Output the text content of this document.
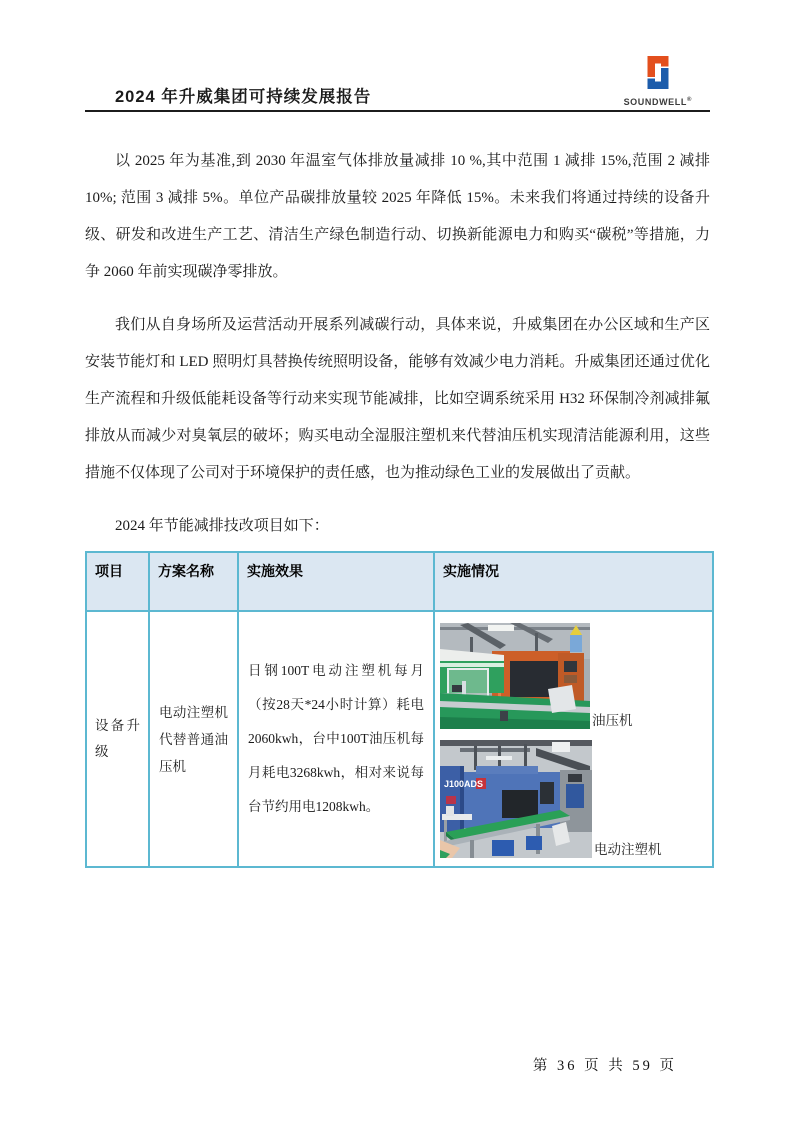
2024 年升威集团可持续发展报告	SOUNDWELL®

以 2025 年为基准,到 2030 年温室气体排放量减排 10 %,其中范围 1 减排 15%,范围 2 减排 10%; 范围 3 减排 5%。单位产品碳排放量较 2025 年降低 15%。未来我们将通过持续的设备升级、研发和改进生产工艺、清洁生产绿色制造行动、切换新能源电力和购买“碳税”等措施，力争 2060 年前实现碳净零排放。

我们从自身场所及运营活动开展系列减碳行动，具体来说，升威集团在办公区域和生产区安装节能灯和 LED 照明灯具替换传统照明设备，能够有效减少电力消耗。升威集团还通过优化生产流程和升级低能耗设备等行动来实现节能减排，比如空调系统采用 H32 环保制冷剂减排氟排放从而减少对臭氧层的破坏；购买电动全湿服注塑机来代替油压机实现清洁能源利用，这些措施不仅体现了公司对于环境保护的责任感，也为推动绿色工业的发展做出了贡献。

2024 年节能减排技改项目如下：

项目	方案名称	实施效果	实施情况
设备升级	电动注塑机代替普通油压机	日钢100T电动注塑机每月（按28天*24小时计算）耗电2060kwh，台中100T油压机每月耗电3268kwh，相对来说每台节约用电1208kwh。	油压机
J100ADS
电动注塑机
第 36 页 共 59 页
